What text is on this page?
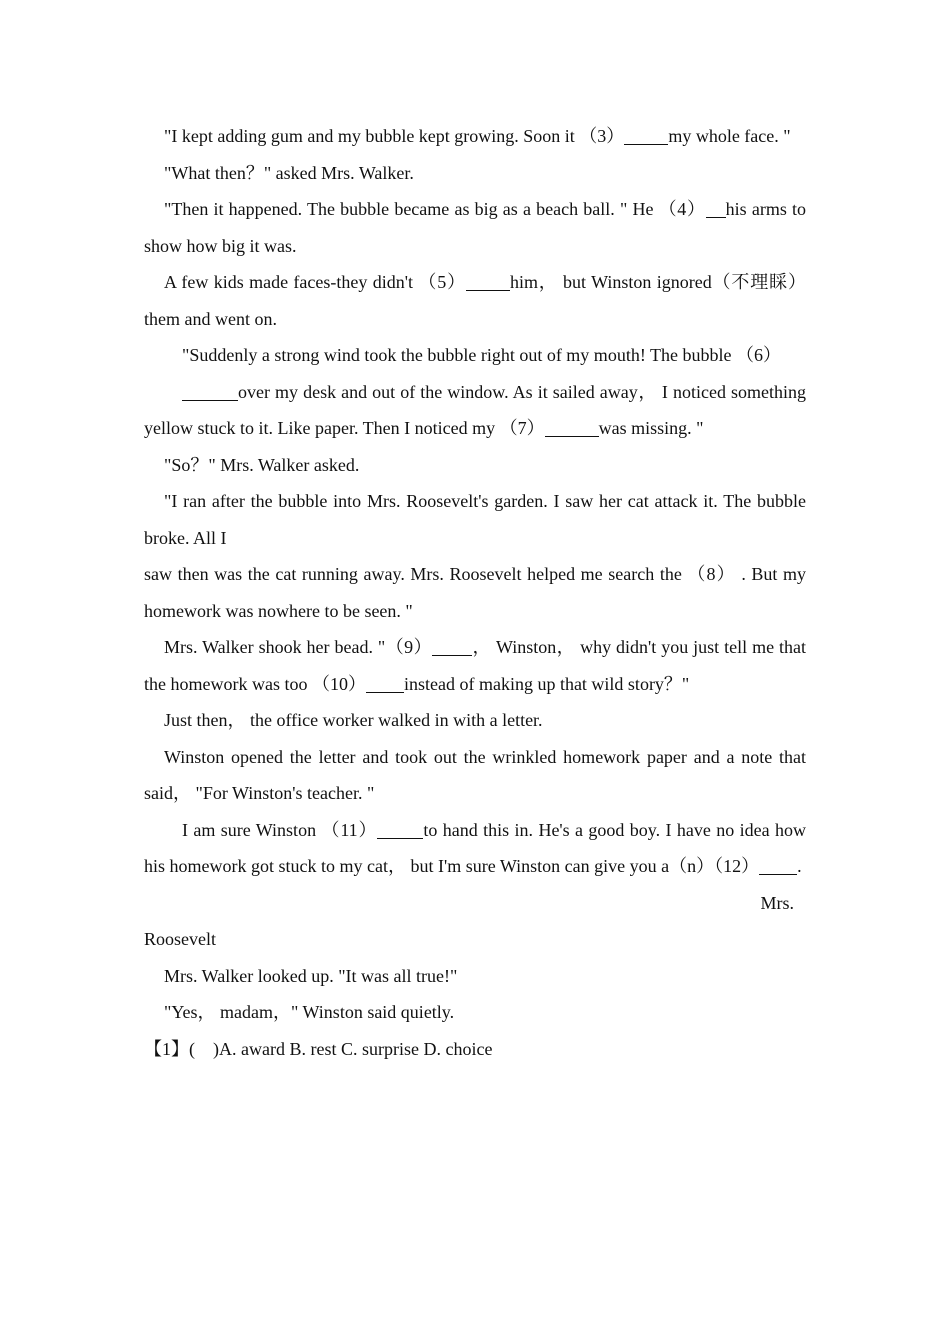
"I kept adding gum and my bubble kept growing. Soon it （3） my whole face. "

"What then？" asked Mrs. Walker.

"Then it happened. The bubble became as big as a beach ball. " He （4） his arms to show how big it was.

A few kids made faces-they didn't （5） him， but Winston ignored（不理睬） them and went on.

"Suddenly a strong wind took the bubble right out of my mouth! The bubble （6）
over my desk and out of the window. As it sailed away， I noticed something yellow stuck to it. Like paper. Then I noticed my （7）	was missing. "

"So？" Mrs. Walker asked.

"I ran after the bubble into Mrs. Roosevelt's garden. I saw her cat attack it. The bubble broke. All I
saw then was the cat running away. Mrs. Roosevelt helped me search the （8） . But my homework was nowhere to be seen. "

Mrs. Walker shook her bead. "（9） ， Winston， why didn't you just tell me that the homework was too （10） instead of making up that wild story？"

Just then， the office worker walked in with a letter.

Winston opened the letter and took out the wrinkled homework paper and a note that said， "For Winston's teacher. "

I am sure Winston （11）	to hand this in. He's a good boy. I have no idea how his homework got stuck to my cat， but I'm sure Winston can give you a（n）（12） .

Mrs.

Roosevelt

Mrs. Walker looked up. "It was all true!"

"Yes， madam，" Winston said quietly.

【1】(　)A. award B. rest C. surprise D. choice
